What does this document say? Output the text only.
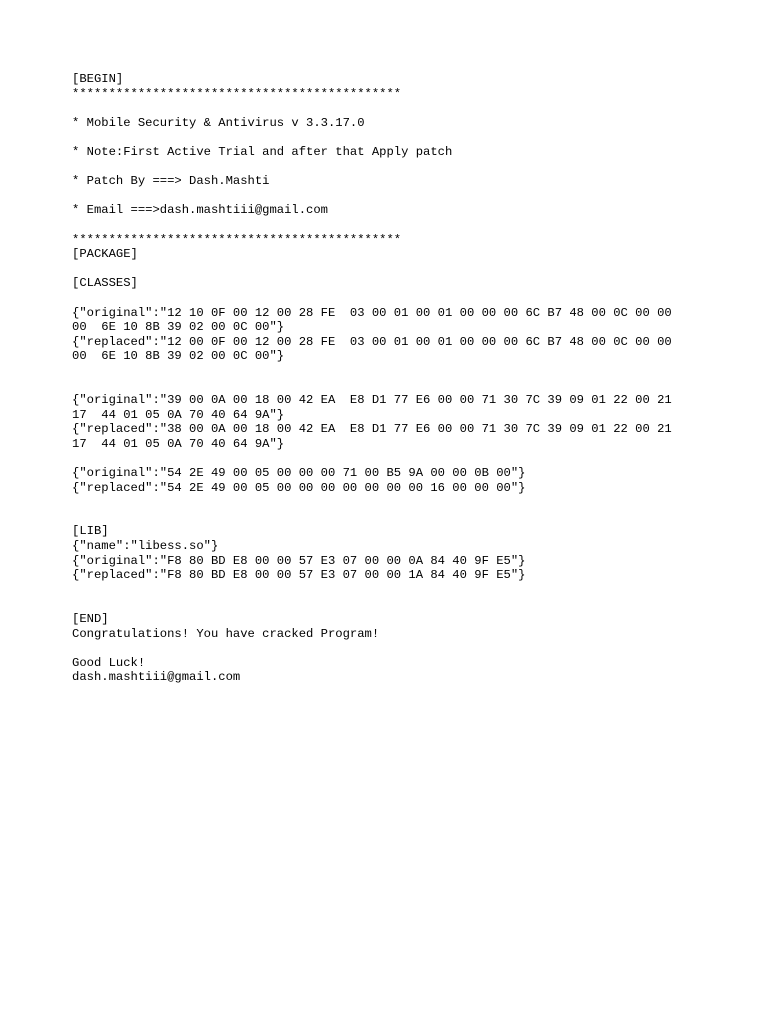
[BEGIN]
*********************************************
* Mobile Security & Antivirus v 3.3.17.0
* Note:First Active Trial and after that Apply patch
* Patch By ===> Dash.Mashti
* Email ===>dash.mashtiii@gmail.com
*********************************************
[PACKAGE]
[CLASSES]
{"original":"12 10 0F 00 12 00 28 FE  03 00 01 00 01 00 00 00 6C B7 48 00 0C 00 00
00  6E 10 8B 39 02 00 0C 00"}
{"replaced":"12 00 0F 00 12 00 28 FE  03 00 01 00 01 00 00 00 6C B7 48 00 0C 00 00
00  6E 10 8B 39 02 00 0C 00"}
{"original":"39 00 0A 00 18 00 42 EA  E8 D1 77 E6 00 00 71 30 7C 39 09 01 22 00 21
17  44 01 05 0A 70 40 64 9A"}
{"replaced":"38 00 0A 00 18 00 42 EA  E8 D1 77 E6 00 00 71 30 7C 39 09 01 22 00 21
17  44 01 05 0A 70 40 64 9A"}
{"original":"54 2E 49 00 05 00 00 00 71 00 B5 9A 00 00 0B 00"}
{"replaced":"54 2E 49 00 05 00 00 00 00 00 00 00 16 00 00 00"}
[LIB]
{"name":"libess.so"}
{"original":"F8 80 BD E8 00 00 57 E3 07 00 00 0A 84 40 9F E5"}
{"replaced":"F8 80 BD E8 00 00 57 E3 07 00 00 1A 84 40 9F E5"}
[END]
Congratulations! You have cracked Program!
Good Luck!
dash.mashtiii@gmail.com
